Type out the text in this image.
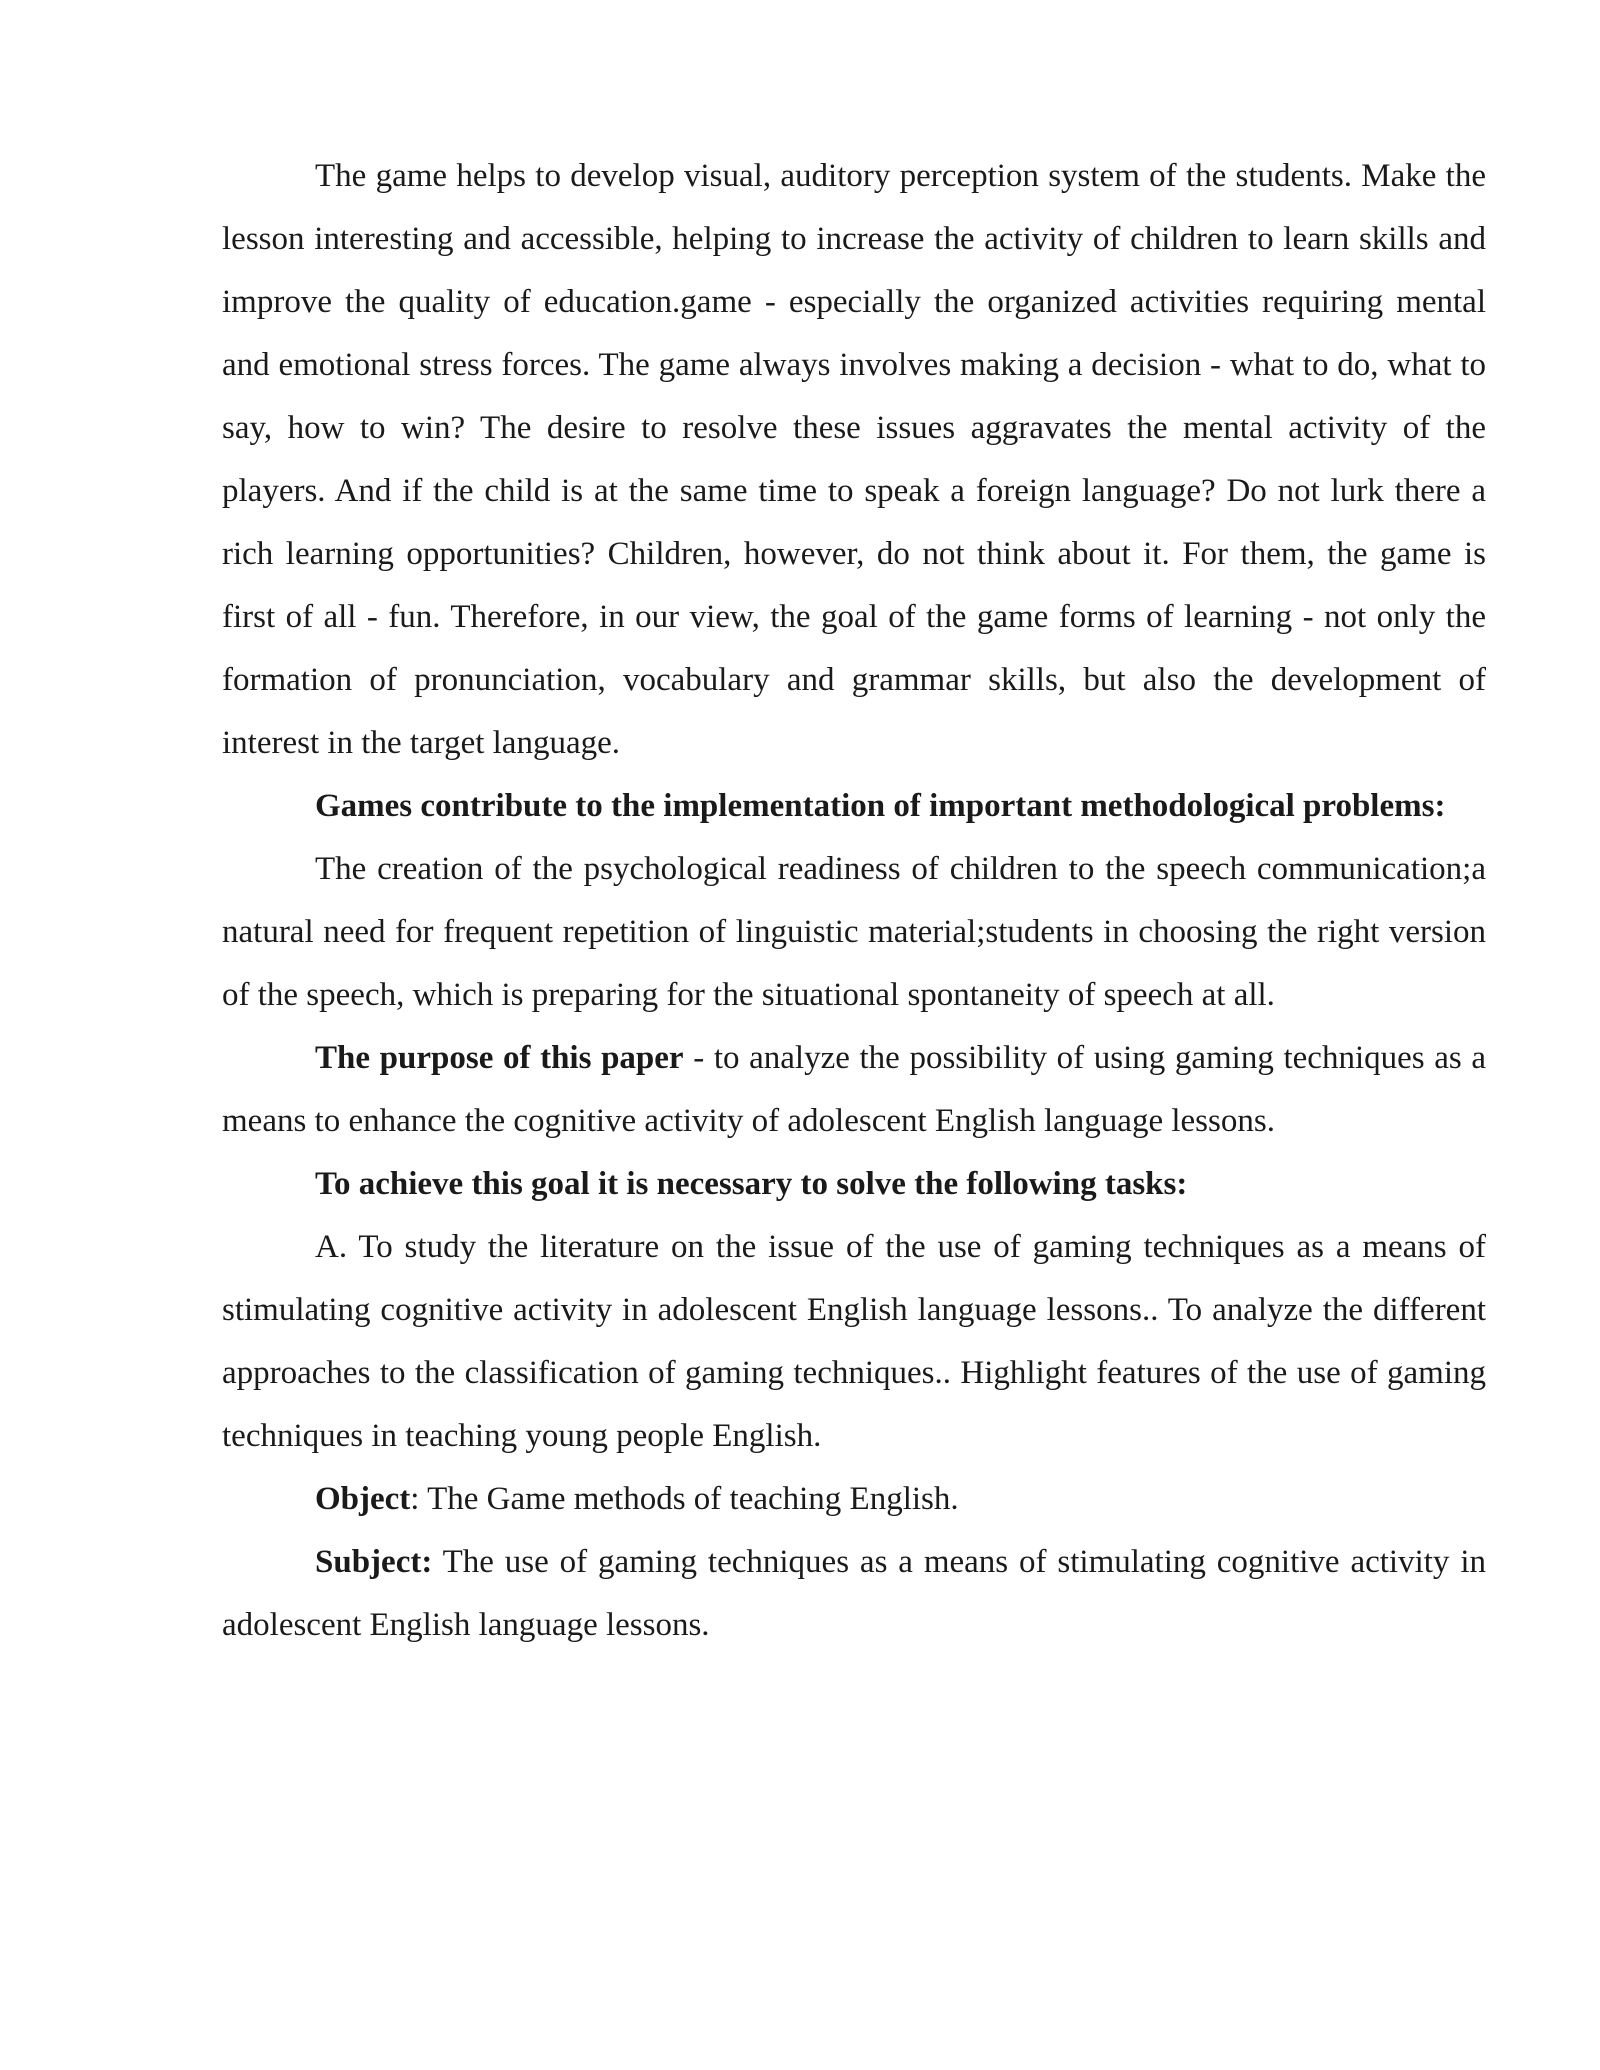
The game helps to develop visual, auditory perception system of the students. Make the lesson interesting and accessible, helping to increase the activity of children to learn skills and improve the quality of education.game - especially the organized activities requiring mental and emotional stress forces. The game always involves making a decision - what to do, what to say, how to win? The desire to resolve these issues aggravates the mental activity of the players. And if the child is at the same time to speak a foreign language? Do not lurk there a rich learning opportunities? Children, however, do not think about it. For them, the game is first of all - fun. Therefore, in our view, the goal of the game forms of learning - not only the formation of pronunciation, vocabulary and grammar skills, but also the development of interest in the target language.

Games contribute to the implementation of important methodological problems:

The creation of the psychological readiness of children to the speech communication;a natural need for frequent repetition of linguistic material;students in choosing the right version of the speech, which is preparing for the situational spontaneity of speech at all.

The purpose of this paper - to analyze the possibility of using gaming techniques as a means to enhance the cognitive activity of adolescent English language lessons.

To achieve this goal it is necessary to solve the following tasks:

A. To study the literature on the issue of the use of gaming techniques as a means of stimulating cognitive activity in adolescent English language lessons.. To analyze the different approaches to the classification of gaming techniques.. Highlight features of the use of gaming techniques in teaching young people English.

Object: The Game methods of teaching English.

Subject: The use of gaming techniques as a means of stimulating cognitive activity in adolescent English language lessons.
